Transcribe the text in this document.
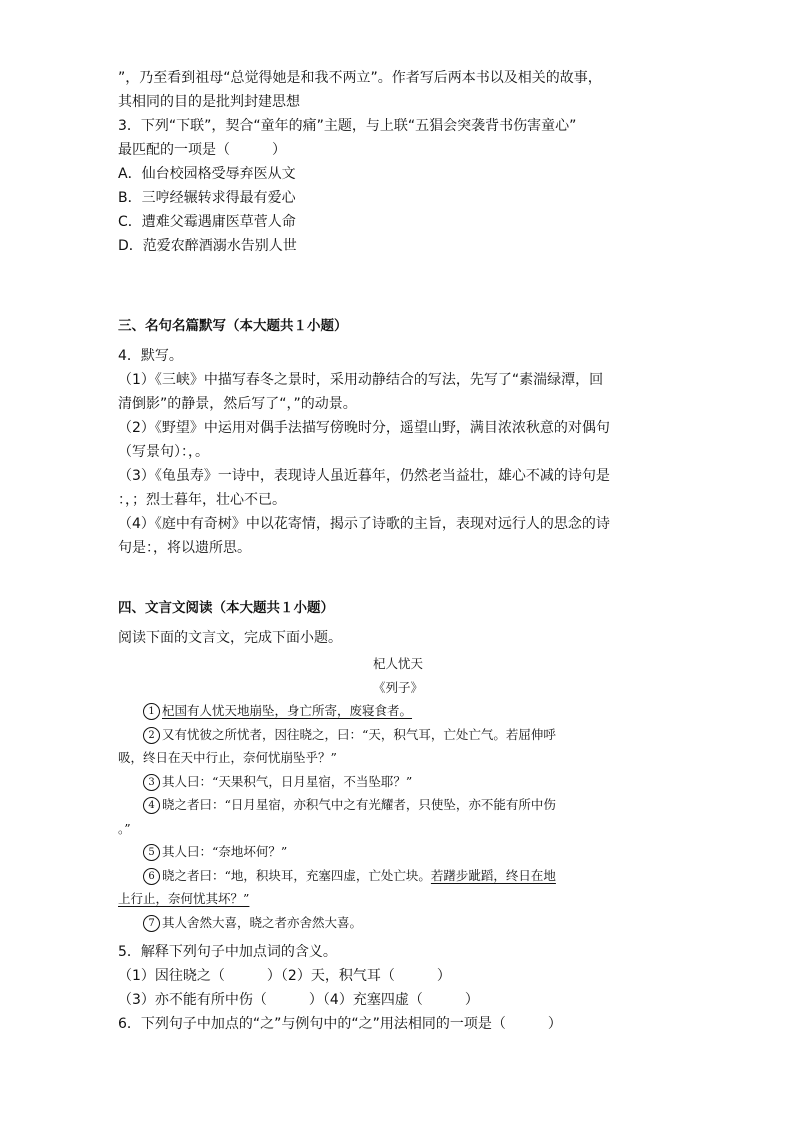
”，乃至看到祖母“总觉得她是和我不两立”。作者写后两本书以及相关的故事，
其相同的目的是批判封建思想
3．下列“下联”，契合“童年的痛”主题，与上联“五猖会突袭背书伤害童心”
最匹配的一项是（　　　）
A．仙台校园格受辱弃医从文
B．三哼经辗转求得最有爱心
C．遭难父霉遇庸医草菅人命
D．范爱农醉酒溺水告别人世
三、名句名篇默写（本大题共１小题）
4．默写。
（1）《三峡》中描写春冬之景时，采用动静结合的写法，先写了“素湍绿潭，回
清倒影”的静景，然后写了“，”的动景。
（2）《野望》中运用对偶手法描写傍晚时分，遥望山野，满目浓浓秋意的对偶句
（写景句）：，。
（3）《龟虽寿》一诗中，表现诗人虽近暮年，仍然老当益壮，雄心不减的诗句是
：，；烈士暮年，壮心不已。
（4）《庭中有奇树》中以花寄情，揭示了诗歌的主旨，表现对远行人的思念的诗
句是：，将以遗所思。
四、文言文阅读（本大题共１小题）
阅读下面的文言文，完成下面小题。
杞人忧天
《列子》
1 杞国有人忧天地崩坠，身亡所寄，废寝食者。
2 又有忧彼之所忧者，因往晓之，曰：“天，积气耳，亡处亡气。若屈伸呼
吸，终日在天中行止，奈何忧崩坠乎？”
3 其人曰：“天果积气，日月星宿，不当坠耶？”
4 晓之者曰：“日月星宿，亦积气中之有光耀者，只使坠，亦不能有所中伤
。”
5 其人曰：“奈地坏何？”
6 晓之者曰：“地，积块耳，充塞四虚，亡处亡块。若躇步跐蹈，终日在地
上行止，奈何忧其坏？”
7 其人舍然大喜，晓之者亦舍然大喜。
5．解释下列句子中加点词的含义。
（1）因往晓之（　　　）（2）天，积气耳（　　　）
（3）亦不能有所中伤（　　　）（4）充塞四虚（　　　）
6．下列句子中加点的“之”与例句中的“之”用法相同的一项是（　　　）
